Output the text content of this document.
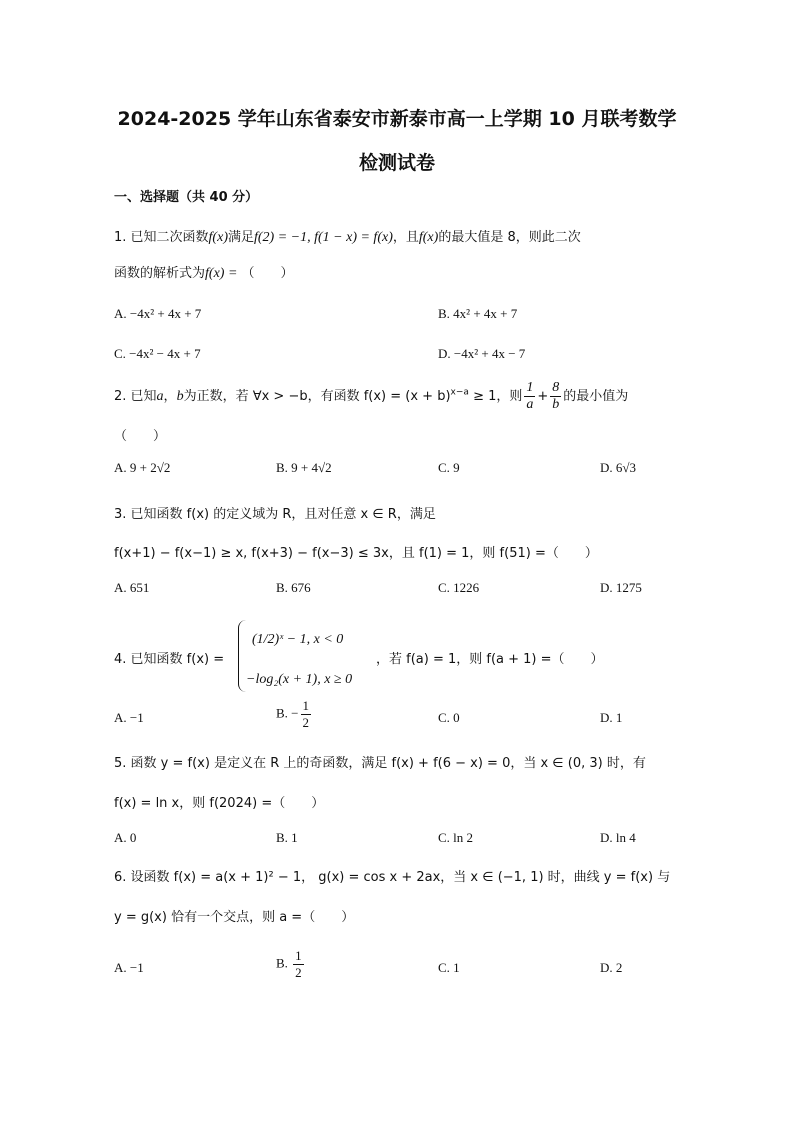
2024-2025 学年山东省泰安市新泰市高一上学期 10 月联考数学
检测试卷
一、选择题（共 40 分）
1. 已知二次函数f(x)满足f(2) = −1, f(1 − x) = f(x)，且f(x)的最大值是 8，则此二次
函数的解析式为f(x) = （　　）
A. −4x² + 4x + 7	B. 4x² + 4x + 7
C. −4x² − 4x + 7	D. −4x² + 4x − 7
2. 已知a，b为正数，若 ∀x > −b，有函数 $f(x) = (x + b)^{x-a} \ge 1$，则 $\frac{1}{a} + \frac{8}{b}$ 的最小值为
（　　）
A. 9 + 2√2	B. 9 + 4√2	C. 9	D. 6√3
3. 已知函数 f(x) 的定义域为 R，且对任意 x ∈ R，满足
f(x+1) − f(x−1) ≥ x, f(x+3) − f(x−3) ≤ 3x，且 f(1) = 1，则 f(51) =（　　）
A. 651	B. 676	C. 1226	D. 1275
4. 已知函数 f(x) =
(1/2)ˣ − 1, x < 0
−log₂(x + 1), x ≥ 0
，若 f(a) = 1，则 f(a + 1) =（　　）
A. −1	B. − $\frac{1}{2}$	C. 0	D. 1
5. 函数 y = f(x) 是定义在 R 上的奇函数，满足 f(x) + f(6 − x) = 0，当 x ∈ (0, 3) 时，有
f(x) = ln x，则 f(2024) =（　　）
A. 0	B. 1	C. ln 2	D. ln 4
6. 设函数 f(x) = a(x + 1)² − 1， g(x) = cos x + 2ax，当 x ∈ (−1, 1) 时，曲线 y = f(x) 与
y = g(x) 恰有一个交点，则 a =（　　）
A. −1	B. $\frac{1}{2}$	C. 1	D. 2
